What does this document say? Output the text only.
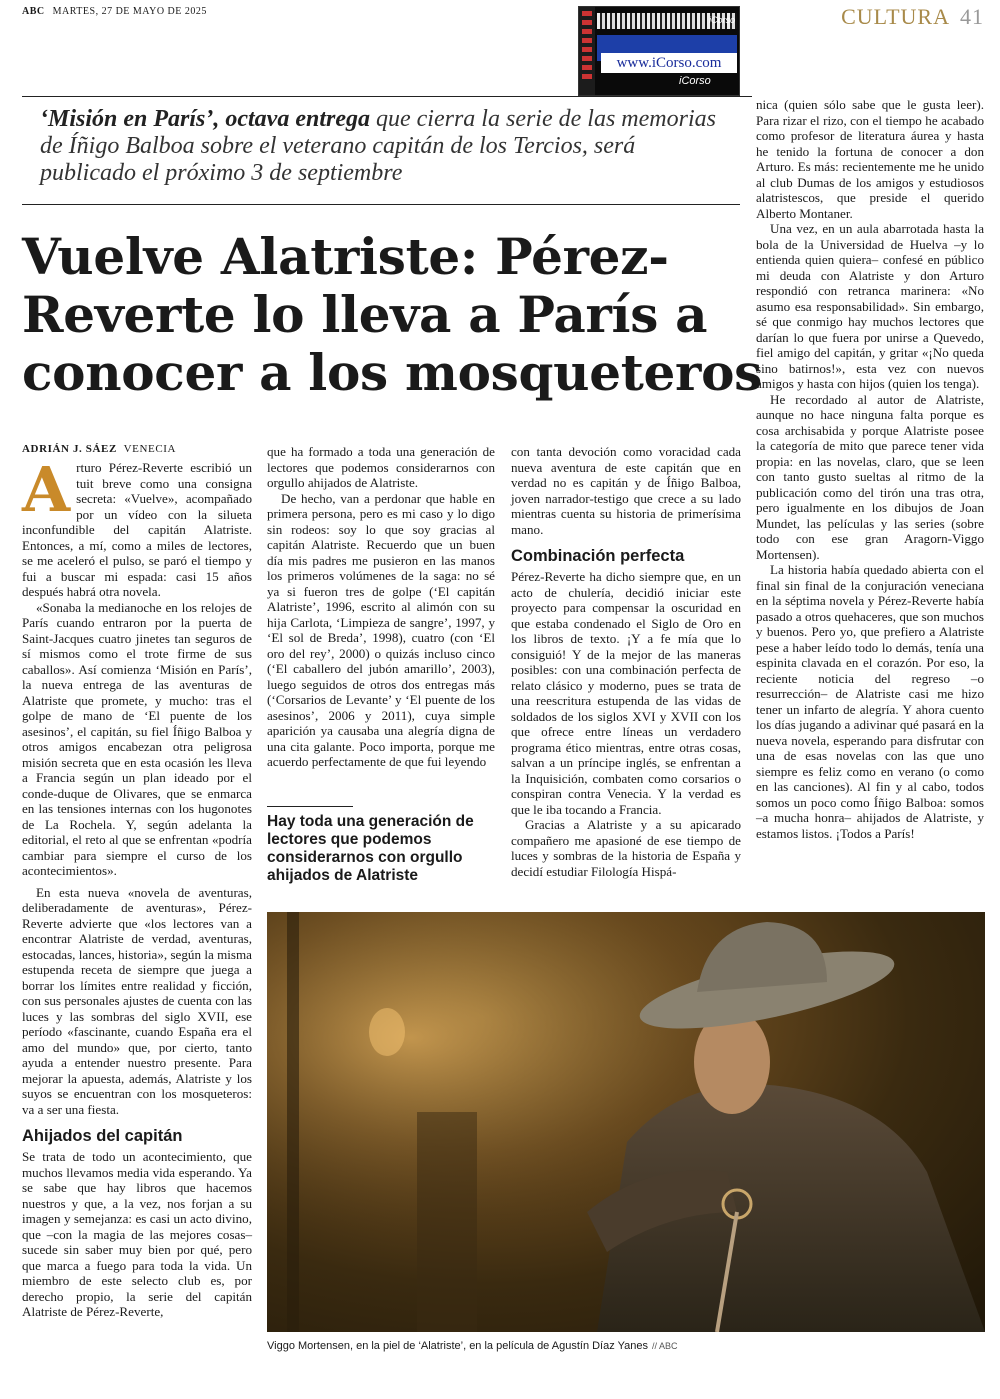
ABC MARTES, 27 DE MAYO DE 2025	CULTURA 41
iCorso
www.iCorso.com
iCorso
‘Misión en París’, octava entrega que cierra la serie de las memorias de Íñigo Balboa sobre el veterano capitán de los Tercios, será publicado el próximo 3 de septiembre
Vuelve Alatriste: Pérez-Reverte lo lleva a París a conocer a los mosqueteros
ADRIÁN J. SÁEZ VENECIA

Arturo Pérez-Reverte escribió un tuit breve como una consigna secreta: «Vuelve», acompañado por un vídeo con la silueta inconfundible del capitán Alatriste. Entonces, a mí, como a miles de lectores, se me aceleró el pulso, se paró el tiempo y fui a buscar mi espada: casi 15 años después habrá otra novela.

«Sonaba la medianoche en los relojes de París cuando entraron por la puerta de Saint-Jacques cuatro jinetes tan seguros de sí mismos como el trote firme de sus caballos». Así comienza ‘Misión en París’, la nueva entrega de las aventuras de Alatriste que promete, y mucho: tras el golpe de mano de ‘El puente de los asesinos’, el capitán, su fiel Íñigo Balboa y otros amigos encabezan otra peligrosa misión secreta que en esta ocasión les lleva a Francia según un plan ideado por el conde-duque de Olivares, que se enmarca en las tensiones internas con los hugonotes de La Rochela. Y, según adelanta la editorial, el reto al que se enfrentan «podría cambiar para siempre el curso de los acontecimientos».

En esta nueva «novela de aventuras, deliberadamente de aventuras», Pérez-Reverte advierte que «los lectores van a encontrar Alatriste de verdad, aventuras, estocadas, lances, historia», según la misma estupenda receta de siempre que juega a borrar los límites entre realidad y ficción, con sus personales ajustes de cuenta con las luces y las sombras del siglo XVII, ese período «fascinante, cuando España era el amo del mundo» que, por cierto, tanto ayuda a entender nuestro presente. Para mejorar la apuesta, además, Alatriste y los suyos se encuentran con los mosqueteros: va a ser una fiesta.

Ahijados del capitán

Se trata de todo un acontecimiento, que muchos llevamos media vida esperando. Ya se sabe que hay libros que hacemos nuestros y que, a la vez, nos forjan a su imagen y semejanza: es casi un acto divino, que –con la magia de las mejores cosas– sucede sin saber muy bien por qué, pero que marca a fuego para toda la vida. Un miembro de este selecto club es, por derecho propio, la serie del capitán Alatriste de Pérez-Reverte,

que ha formado a toda una generación de lectores que podemos considerarnos con orgullo ahijados de Alatriste.

De hecho, van a perdonar que hable en primera persona, pero es mi caso y lo digo sin rodeos: soy lo que soy gracias al capitán Alatriste. Recuerdo que un buen día mis padres me pusieron en las manos los primeros volúmenes de la saga: no sé ya si fueron tres de golpe (‘El capitán Alatriste’, 1996, escrito al alimón con su hija Carlota, ‘Limpieza de sangre’, 1997, y ‘El sol de Breda’, 1998), cuatro (con ‘El oro del rey’, 2000) o quizás incluso cinco (‘El caballero del jubón amarillo’, 2003), luego seguidos de otros dos entregas más (‘Corsarios de Levante’ y ‘El puente de los asesinos’, 2006 y 2011), cuya simple aparición ya causaba una alegría digna de una cita galante. Poco importa, porque me acuerdo perfectamente de que fui leyendo

Hay toda una generación de lectores que podemos considerarnos con orgullo ahijados de Alatriste

con tanta devoción como voracidad cada nueva aventura de este capitán que en verdad no es capitán y de Íñigo Balboa, joven narrador-testigo que crece a su lado mientras cuenta su historia de primerísima mano.

Combinación perfecta

Pérez-Reverte ha dicho siempre que, en un acto de chulería, decidió iniciar este proyecto para compensar la oscuridad en que estaba condenado el Siglo de Oro en los libros de texto. ¡Y a fe mía que lo consiguió! Y de la mejor de las maneras posibles: con una combinación perfecta de relato clásico y moderno, pues se trata de una reescritura estupenda de las vidas de soldados de los siglos XVI y XVII con los que ofrece entre líneas un verdadero programa ético mientras, entre otras cosas, salvan a un príncipe inglés, se enfrentan a la Inquisición, combaten como corsarios o conspiran contra Venecia. Y la verdad es que le iba tocando a Francia.

Gracias a Alatriste y a su apicarado compañero me apasioné de ese tiempo de luces y sombras de la historia de España y decidí estudiar Filología Hispá-

nica (quien sólo sabe que le gusta leer). Para rizar el rizo, con el tiempo he acabado como profesor de literatura áurea y hasta he tenido la fortuna de conocer a don Arturo. Es más: recientemente me he unido al club Dumas de los amigos y estudiosos alatristescos, que preside el querido Alberto Montaner.

Una vez, en un aula abarrotada hasta la bola de la Universidad de Huelva –y lo entienda quien quiera– confesé en público mi deuda con Alatriste y don Arturo respondió con retranca marinera: «No asumo esa responsabilidad». Sin embargo, sé que conmigo hay muchos lectores que darían lo que fuera por unirse a Quevedo, fiel amigo del capitán, y gritar «¡No queda sino batirnos!», esta vez con nuevos amigos y hasta con hijos (quien los tenga).

He recordado al autor de Alatriste, aunque no hace ninguna falta porque es cosa archisabida y porque Alatriste posee la categoría de mito que parece tener vida propia: en las novelas, claro, que se leen con tanto gusto sueltas al ritmo de la publicación como del tirón una tras otra, pero igualmente en los dibujos de Joan Mundet, las películas y las series (sobre todo con ese gran Aragorn-Viggo Mortensen).

La historia había quedado abierta con el final sin final de la conjuración veneciana en la séptima novela y Pérez-Reverte había pasado a otros quehaceres, que son muchos y buenos. Pero yo, que prefiero a Alatriste pese a haber leído todo lo demás, tenía una espinita clavada en el corazón. Por eso, la reciente noticia del regreso –o resurrección– de Alatriste casi me hizo tener un infarto de alegría. Y ahora cuento los días jugando a adivinar qué pasará en la nueva novela, esperando para disfrutar con una de esas novelas con las que uno siempre es feliz como en verano (o como en las canciones). Al fin y al cabo, todos somos un poco como Íñigo Balboa: somos –a mucha honra– ahijados de Alatriste, y estamos listos. ¡Todos a París!

Viggo Mortensen, en la piel de ‘Alatriste’, en la película de Agustín Díaz Yanes // ABC
